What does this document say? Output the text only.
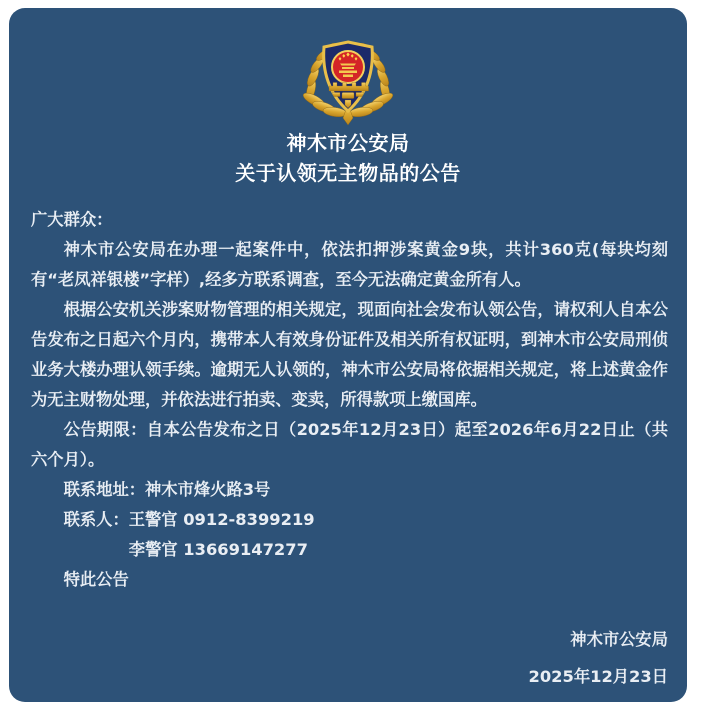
神木市公安局
关于认领无主物品的公告

广大群众：

神木市公安局在办理一起案件中，依法扣押涉案黄金9块，共计360克(每块均刻有“老凤祥银楼”字样）,经多方联系调查，至今无法确定黄金所有人。

根据公安机关涉案财物管理的相关规定，现面向社会发布认领公告，请权利人自本公告发布之日起六个月内，携带本人有效身份证件及相关所有权证明，到神木市公安局刑侦业务大楼办理认领手续。逾期无人认领的，神木市公安局将依据相关规定，将上述黄金作为无主财物处理，并依法进行拍卖、变卖，所得款项上缴国库。

公告期限：自本公告发布之日（2025年12月23日）起至2026年6月22日止（共六个月）。

联系地址：神木市烽火路3号

联系人：王警官 0912-8399219

李警官 13669147277

特此公告

神木市公安局

2025年12月23日
